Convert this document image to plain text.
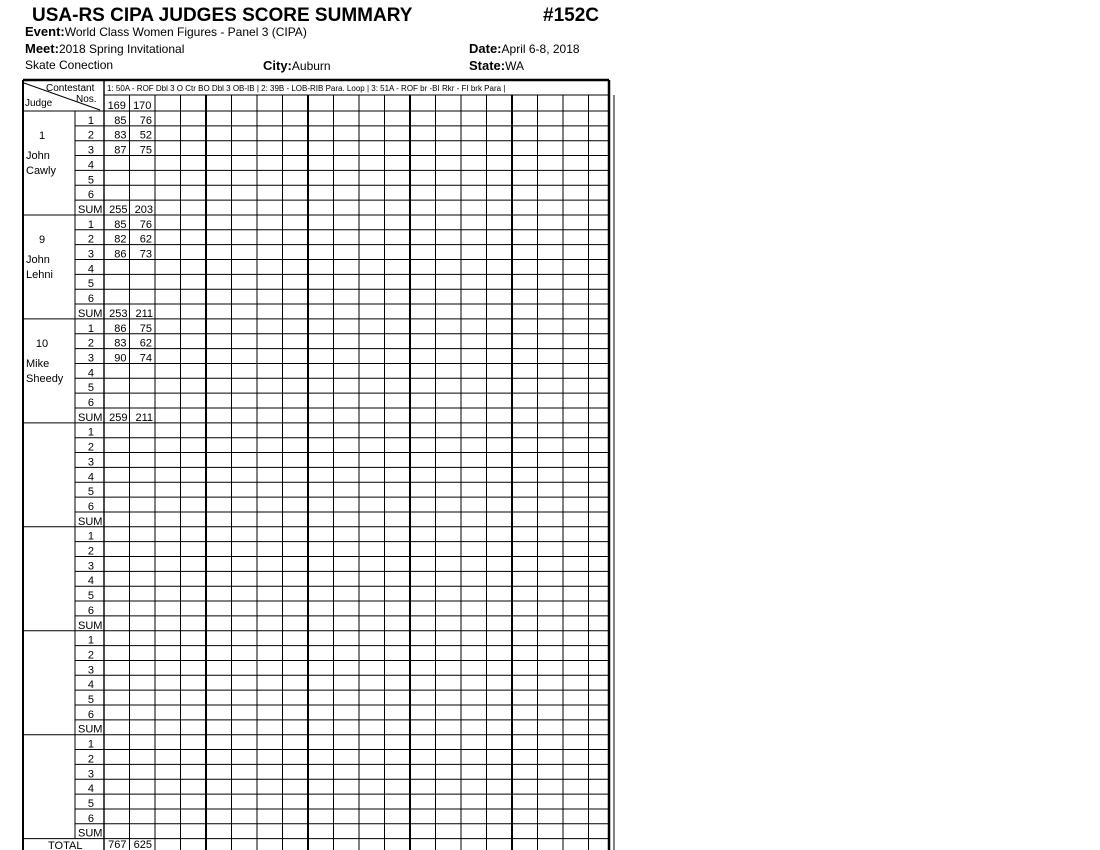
USA-RS CIPA JUDGES SCORE SUMMARY	#152C
Event:World Class Women Figures - Panel 3 (CIPA)
Meet:2018 Spring Invitational	Date:April 6-8, 2018
Skate Conection	City:Auburn	State:WA
Contestant
Nos.
Judge
1: 50A - ROF Dbl 3 O Ctr BO Dbl 3 OB-IB | 2: 39B - LOB-RIB Para. Loop | 3: 51A - ROF br -BI Rkr - FI brk Para |
169 170
1
John
Cawly
1 85 76
2 83 52
3 87 75
4
5
6
SUM 255 203
9
John
Lehni
1 85 76
2 82 62
3 86 73
4
5
6
SUM 253 211
10
Mike
Sheedy
1 86 75
2 83 62
3 90 74
4
5
6
SUM 259 211
1
2
3
4
5
6
SUM
1
2
3
4
5
6
SUM
1
2
3
4
5
6
SUM
1
2
3
4
5
6
SUM
TOTAL 767 625
